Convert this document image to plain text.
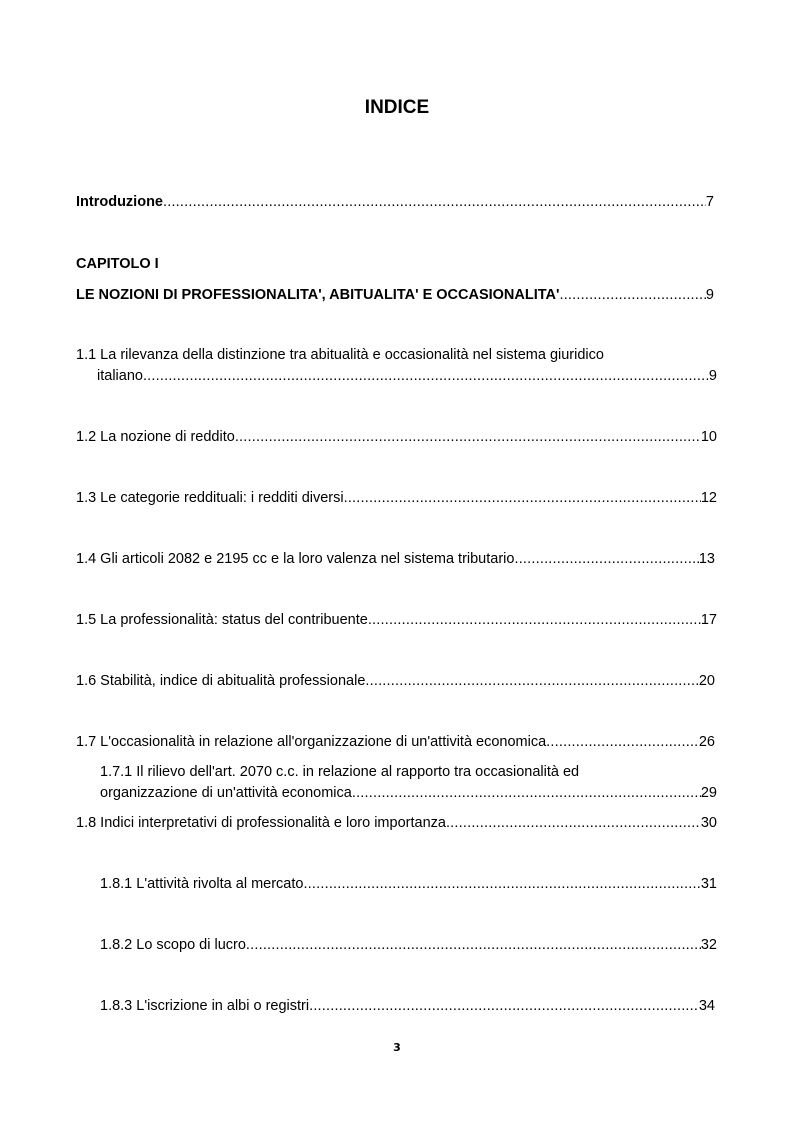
INDICE
Introduzione .....	7
CAPITOLO I
LE NOZIONI DI PROFESSIONALITA', ABITUALITA' E OCCASIONALITA' .....	9
1.1 La rilevanza della distinzione tra abitualità e occasionalità nel sistema giuridico
italiano .....	9
1.2 La nozione di reddito .....	10
1.3 Le categorie reddituali: i redditi diversi .....	12
1.4 Gli articoli 2082 e 2195 cc e la loro valenza nel sistema tributario .....	13
1.5 La professionalità: status del contribuente .....	17
1.6 Stabilità, indice di abitualità professionale .....	20
1.7 L'occasionalità in relazione all'organizzazione di un'attività economica .....	26
1.7.1 Il rilievo dell'art. 2070 c.c. in relazione al rapporto tra occasionalità ed
organizzazione di un'attività economica .....	29
1.8 Indici interpretativi di professionalità e loro importanza .....	30
1.8.1 L'attività rivolta al mercato .....	31
1.8.2 Lo scopo di lucro .....	32
1.8.3 L'iscrizione in albi o registri .....	34
3
